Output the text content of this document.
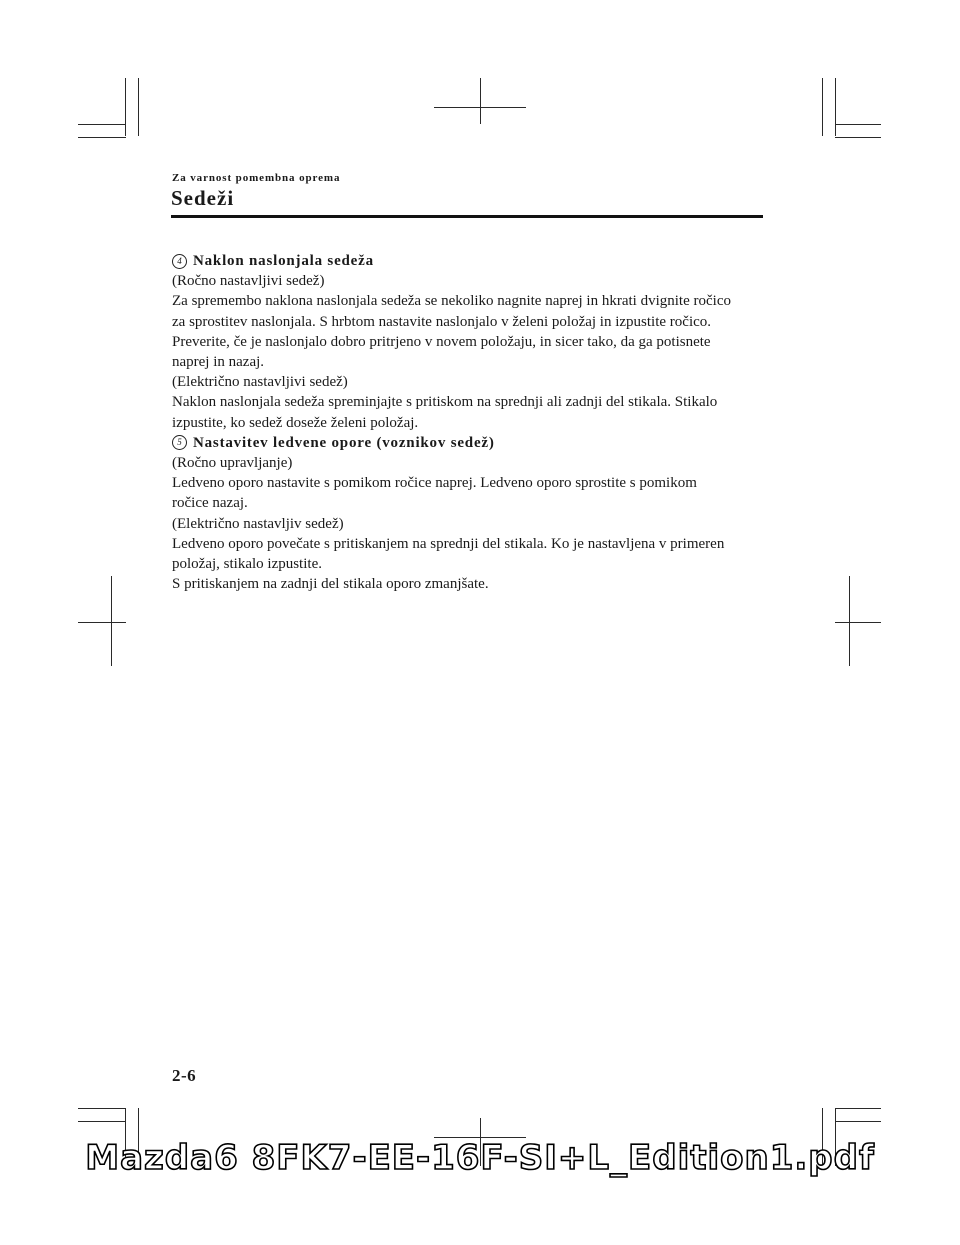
Za varnost pomembna oprema
Sedeži

4 Naklon naslonjala sedeža

(Ročno nastavljivi sedež)

Za spremembo naklona naslonjala sedeža se nekoliko nagnite naprej in hkrati dvignite ročico

za sprostitev naslonjala. S hrbtom nastavite naslonjalo v želeni položaj in izpustite ročico.

Preverite, če je naslonjalo dobro pritrjeno v novem položaju, in sicer tako, da ga potisnete

naprej in nazaj.

(Električno nastavljivi sedež)

Naklon naslonjala sedeža spreminjajte s pritiskom na sprednji ali zadnji del stikala. Stikalo

izpustite, ko sedež doseže želeni položaj.

5 Nastavitev ledvene opore (voznikov sedež)

(Ročno upravljanje)

Ledveno oporo nastavite s pomikom ročice naprej. Ledveno oporo sprostite s pomikom

ročice nazaj.

(Električno nastavljiv sedež)

Ledveno oporo povečate s pritiskanjem na sprednji del stikala. Ko je nastavljena v primeren

položaj, stikalo izpustite.

S pritiskanjem na zadnji del stikala oporo zmanjšate.

2-6
Mazda6 8FK7-EE-16F-SI+L_Edition1.pdf
